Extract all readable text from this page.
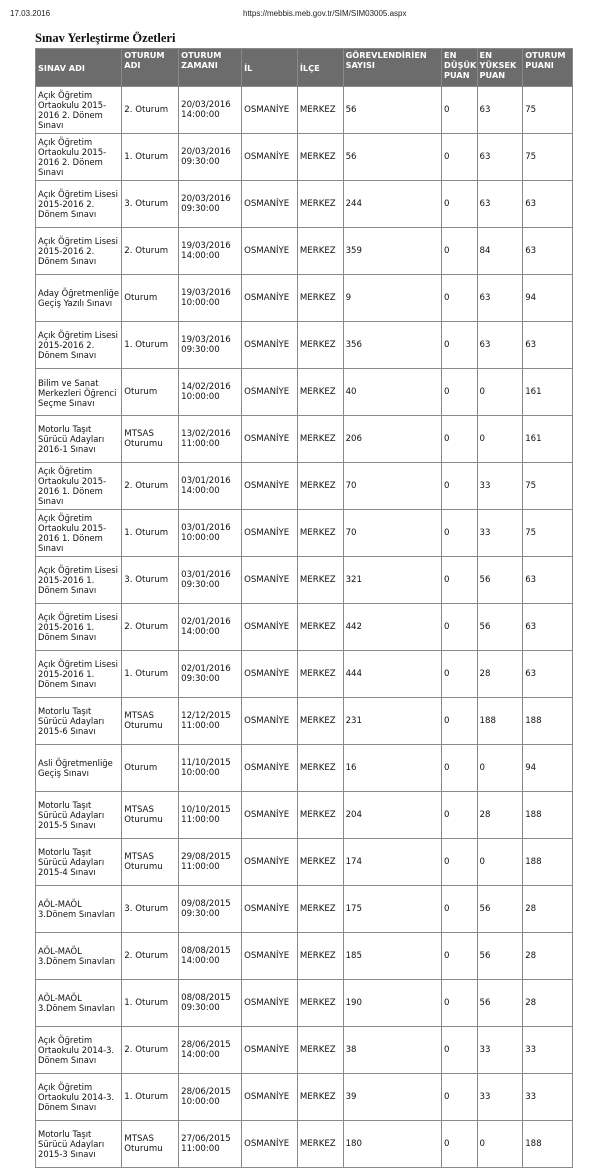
17.03.2016	https://mebbis.meb.gov.tr/SIM/SIM03005.aspx
Sınav Yerleştirme Özetleri
SINAV ADI	OTURUM ADI	OTURUM ZAMANI	İL	İLÇE	GÖREVLENDİRİEN SAYISI	EN DÜŞÜK PUAN	EN YÜKSEK PUAN	OTURUM PUANI
Açık Öğretim Ortaokulu 2015-2016 2. Dönem Sınavı	2. Oturum	20/03/2016 14:00:00	OSMANİYE	MERKEZ	56	0	63	75
Açık Öğretim Ortaokulu 2015-2016 2. Dönem Sınavı	1. Oturum	20/03/2016 09:30:00	OSMANİYE	MERKEZ	56	0	63	75
Açık Öğretim Lisesi 2015-2016 2. Dönem Sınavı	3. Oturum	20/03/2016 09:30:00	OSMANİYE	MERKEZ	244	0	63	63
Açık Öğretim Lisesi 2015-2016 2. Dönem Sınavı	2. Oturum	19/03/2016 14:00:00	OSMANİYE	MERKEZ	359	0	84	63
Aday Öğretmenliğe Geçiş Yazılı Sınavı	Oturum	19/03/2016 10:00:00	OSMANİYE	MERKEZ	9	0	63	94
Açık Öğretim Lisesi 2015-2016 2. Dönem Sınavı	1. Oturum	19/03/2016 09:30:00	OSMANİYE	MERKEZ	356	0	63	63
Bilim ve Sanat Merkezleri Öğrenci Seçme Sınavı	Oturum	14/02/2016 10:00:00	OSMANİYE	MERKEZ	40	0	0	161
Motorlu Taşıt Sürücü Adayları 2016-1 Sınavı	MTSAS Oturumu	13/02/2016 11:00:00	OSMANİYE	MERKEZ	206	0	0	161
Açık Öğretim Ortaokulu 2015-2016 1. Dönem Sınavı	2. Oturum	03/01/2016 14:00:00	OSMANİYE	MERKEZ	70	0	33	75
Açık Öğretim Ortaokulu 2015-2016 1. Dönem Sınavı	1. Oturum	03/01/2016 10:00:00	OSMANİYE	MERKEZ	70	0	33	75
Açık Öğretim Lisesi 2015-2016 1. Dönem Sınavı	3. Oturum	03/01/2016 09:30:00	OSMANİYE	MERKEZ	321	0	56	63
Açık Öğretim Lisesi 2015-2016 1. Dönem Sınavı	2. Oturum	02/01/2016 14:00:00	OSMANİYE	MERKEZ	442	0	56	63
Açık Öğretim Lisesi 2015-2016 1. Dönem Sınavı	1. Oturum	02/01/2016 09:30:00	OSMANİYE	MERKEZ	444	0	28	63
Motorlu Taşıt Sürücü Adayları 2015-6 Sınavı	MTSAS Oturumu	12/12/2015 11:00:00	OSMANİYE	MERKEZ	231	0	188	188
Asli Öğretmenliğe Geçiş Sınavı	Oturum	11/10/2015 10:00:00	OSMANİYE	MERKEZ	16	0	0	94
Motorlu Taşıt Sürücü Adayları 2015-5 Sınavı	MTSAS Oturumu	10/10/2015 11:00:00	OSMANİYE	MERKEZ	204	0	28	188
Motorlu Taşıt Sürücü Adayları 2015-4 Sınavı	MTSAS Oturumu	29/08/2015 11:00:00	OSMANİYE	MERKEZ	174	0	0	188
AÖL-MAÖL 3.Dönem Sınavları	3. Oturum	09/08/2015 09:30:00	OSMANİYE	MERKEZ	175	0	56	28
AÖL-MAÖL 3.Dönem Sınavları	2. Oturum	08/08/2015 14:00:00	OSMANİYE	MERKEZ	185	0	56	28
AÖL-MAÖL 3.Dönem Sınavları	1. Oturum	08/08/2015 09:30:00	OSMANİYE	MERKEZ	190	0	56	28
Açık Öğretim Ortaokulu 2014-3. Dönem Sınavı	2. Oturum	28/06/2015 14:00:00	OSMANİYE	MERKEZ	38	0	33	33
Açık Öğretim Ortaokulu 2014-3. Dönem Sınavı	1. Oturum	28/06/2015 10:00:00	OSMANİYE	MERKEZ	39	0	33	33
Motorlu Taşıt Sürücü Adayları 2015-3 Sınavı	MTSAS Oturumu	27/06/2015 11:00:00	OSMANİYE	MERKEZ	180	0	0	188
